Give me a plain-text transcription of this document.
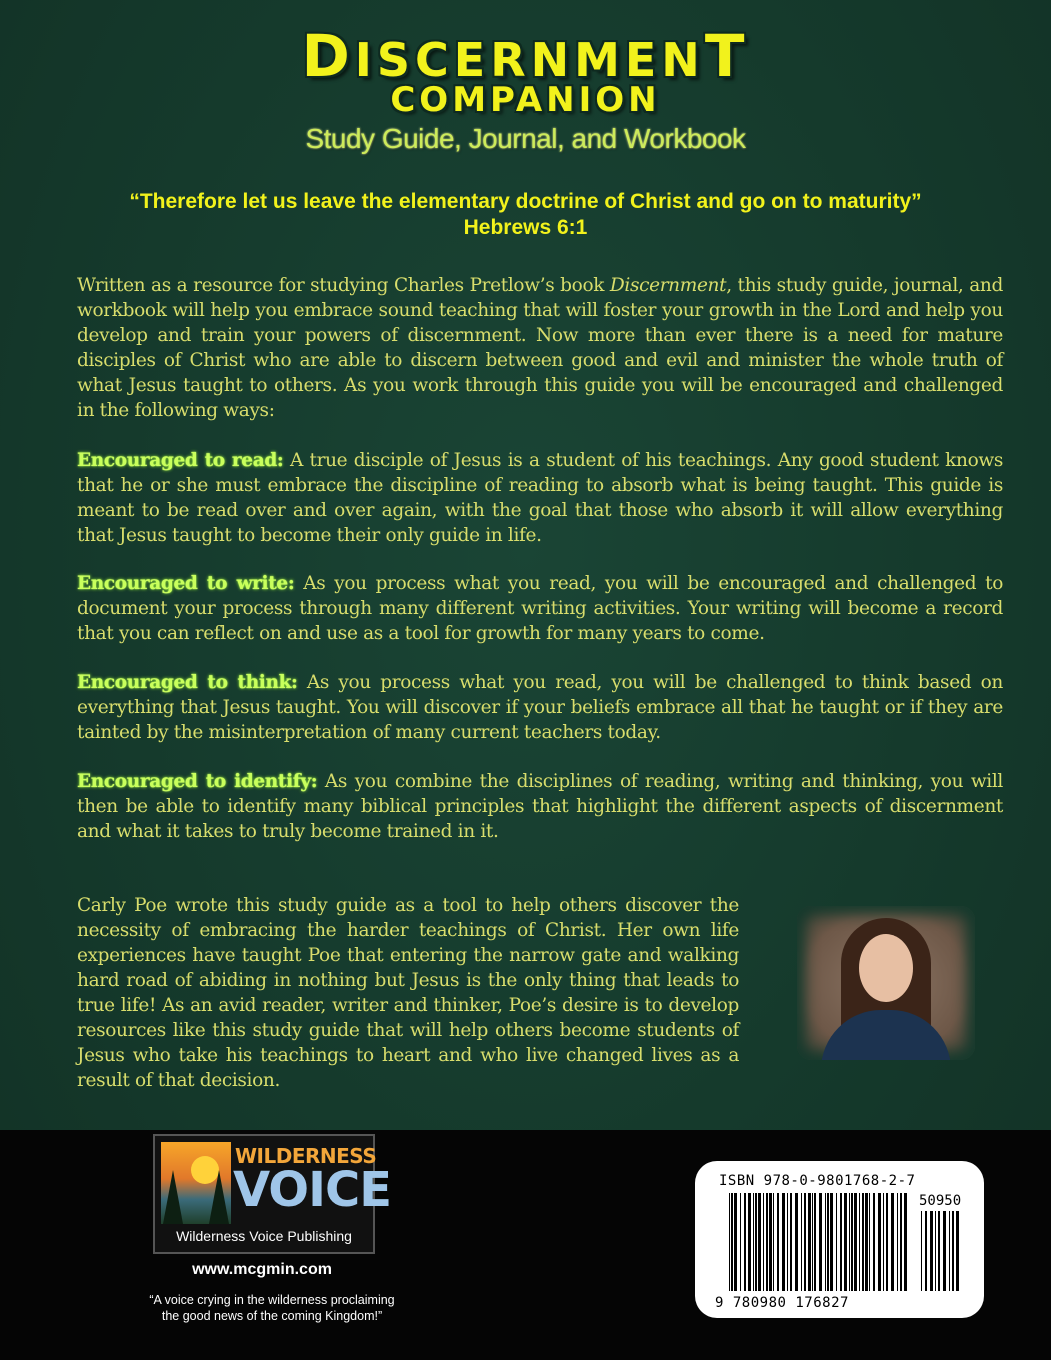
DISCERNMENT
COMPANION
Study Guide, Journal, and Workbook
“Therefore let us leave the elementary doctrine of Christ and go on to maturity”
Hebrews 6:1
Written as a resource for studying Charles Pretlow’s book Discernment, this study guide, journal, and workbook will help you embrace sound teaching that will foster your growth in the Lord and help you develop and train your powers of discernment. Now more than ever there is a need for mature disciples of Christ who are able to discern between good and evil and minister the whole truth of what Jesus taught to others. As you work through this guide you will be encouraged and challenged in the following ways:
Encouraged to read: A true disciple of Jesus is a student of his teachings. Any good student knows that he or she must embrace the discipline of reading to absorb what is being taught. This guide is meant to be read over and over again, with the goal that those who absorb it will allow everything that Jesus taught to become their only guide in life.
Encouraged to write: As you process what you read, you will be encouraged and challenged to document your process through many different writing activities. Your writing will become a record that you can reflect on and use as a tool for growth for many years to come.
Encouraged to think: As you process what you read, you will be challenged to think based on everything that Jesus taught. You will discover if your beliefs embrace all that he taught or if they are tainted by the misinterpretation of many current teachers today.
Encouraged to identify: As you combine the disciplines of reading, writing and thinking, you will then be able to identify many biblical principles that highlight the different aspects of discernment and what it takes to truly become trained in it.
Carly Poe wrote this study guide as a tool to help others discover the necessity of embracing the harder teachings of Christ. Her own life experiences have taught Poe that entering the narrow gate and walking hard road of abiding in nothing but Jesus is the only thing that leads to true life! As an avid reader, writer and thinker, Poe’s desire is to develop resources like this study guide that will help others become students of Jesus who take his teachings to heart and who live changed lives as a result of that decision.
WILDERNESS
VOICE
Wilderness Voice Publishing
www.mcgmin.com
“A voice crying in the wilderness proclaiming
the good news of the coming Kingdom!”
ISBN 978-0-9801768-2-7
50950
9 780980 176827
